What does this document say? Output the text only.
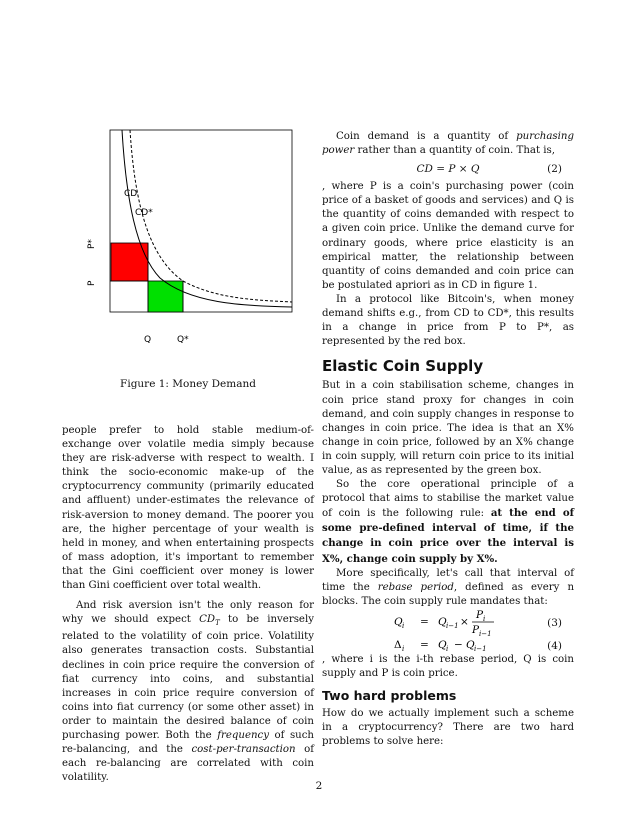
CD
CD*
P*
P
Q	Q*
Figure 1: Money Demand

people prefer to hold stable medium-of-exchange over volatile media simply because they are risk-adverse with respect to wealth. I think the socio-economic make-up of the cryptocurrency community (primarily educated and affluent) under-estimates the relevance of risk-aversion to money demand. The poorer you are, the higher percentage of your wealth is held in money, and when entertaining prospects of mass adoption, it's important to remember that the Gini coefficient over money is lower than Gini coefficient over total wealth.

And risk aversion isn't the only reason for why we should expect $CD_T$ to be inversely related to the volatility of coin price. Volatility also generates transaction costs. Substantial declines in coin price require the conversion of fiat currency into coins, and substantial increases in coin price require conversion of coins into fiat currency (or some other asset) in order to maintain the desired balance of coin purchasing power. Both the frequency of such re-balancing, and the cost-per-transaction of each re-balancing are correlated with coin volatility.

Coin demand is a quantity of purchasing power rather than a quantity of coin. That is,

CD = P × Q	(2)

, where P is a coin's purchasing power (coin price of a basket of goods and services) and Q is the quantity of coins demanded with respect to a given coin price. Unlike the demand curve for ordinary goods, where price elasticity is an empirical matter, the relationship between quantity of coins demanded and coin price can be postulated apriori as in CD in figure 1.

In a protocol like Bitcoin's, when money demand shifts e.g., from CD to CD*, this results in a change in price from P to P*, as represented by the red box.

Elastic Coin Supply

But in a coin stabilisation scheme, changes in coin price stand proxy for changes in coin demand, and coin supply changes in response to changes in coin price. The idea is that an X% change in coin price, followed by an X% change in coin supply, will return coin price to its initial value, as as represented by the green box.

So the core operational principle of a protocol that aims to stabilise the market value of coin is the following rule: at the end of some pre-defined interval of time, if the change in coin price over the interval is X%, change coin supply by X%.

More specifically, let's call that interval of time the rebase period, defined as every n blocks. The coin supply rule mandates that:

Q i = Q i−1 ×
P i
P i−1
Δ i = Q i − Q i−1
(3)
(4)

, where i is the i-th rebase period, Q is coin supply and P is coin price.

Two hard problems

How do we actually implement such a scheme in a cryptocurrency? There are two hard problems to solve here:

2
